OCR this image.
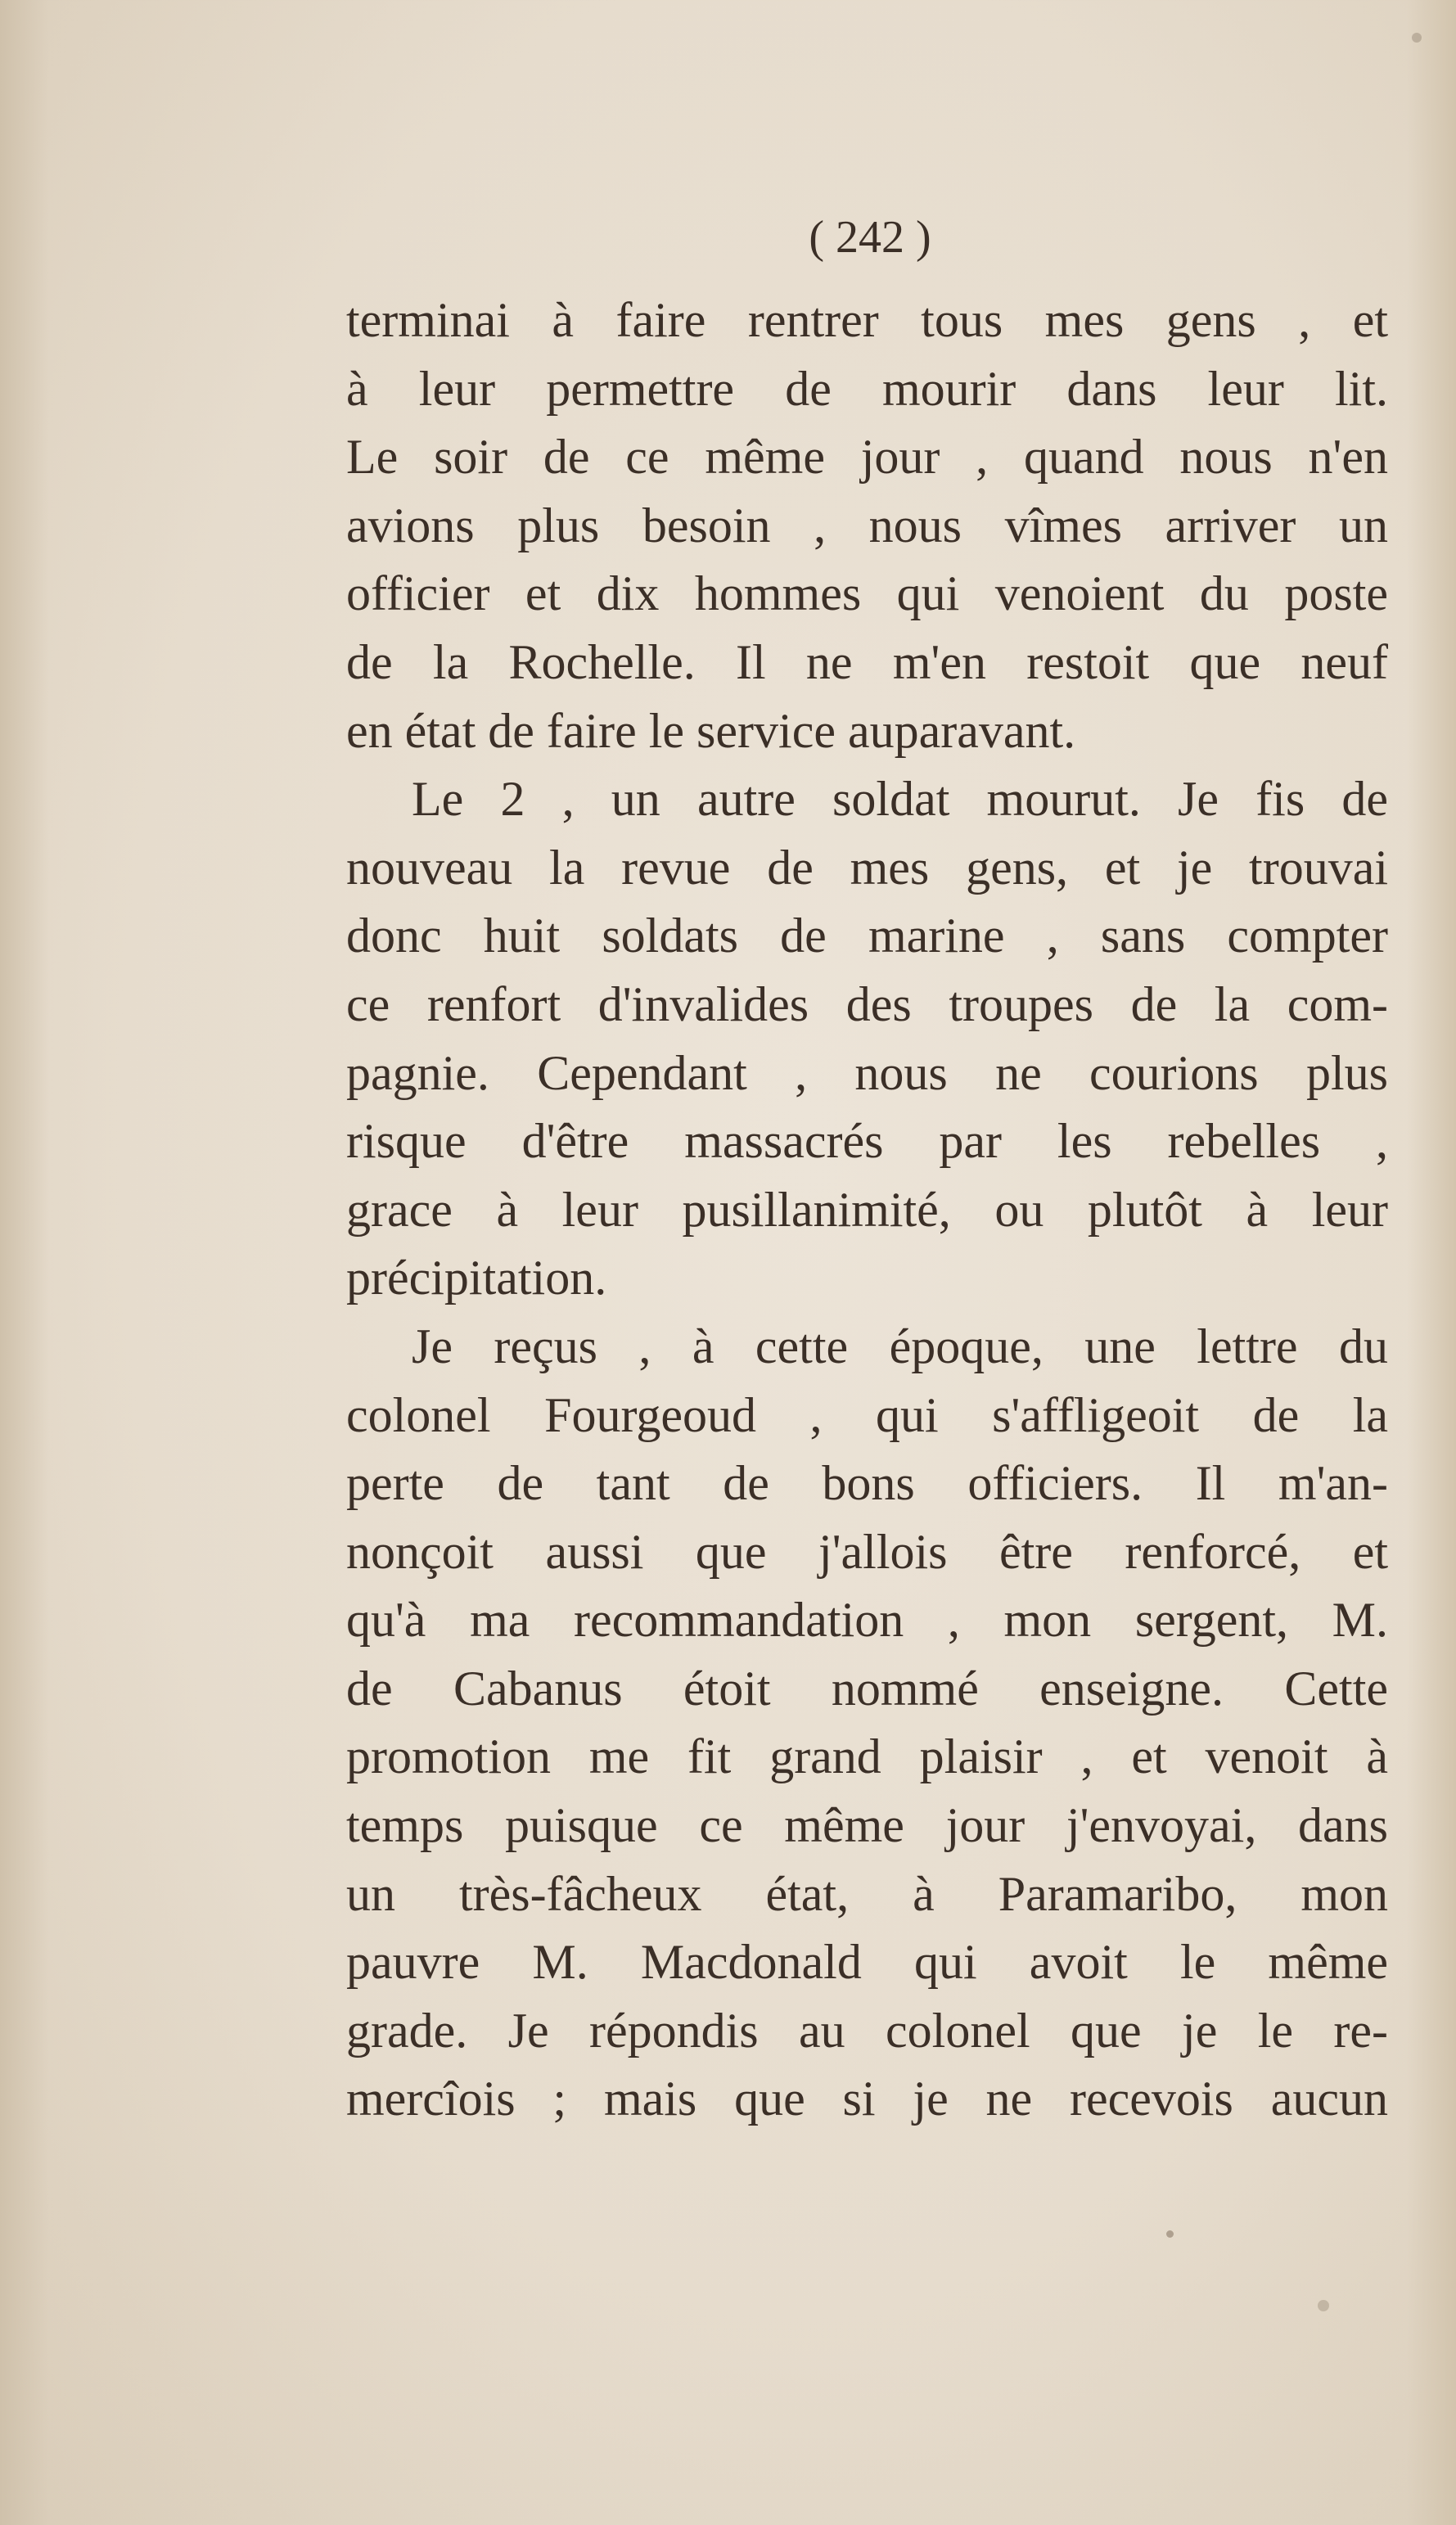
( 242 )
terminai à faire rentrer tous mes gens , et
à leur permettre de mourir dans leur lit.
Le soir de ce même jour , quand nous n'en
avions plus besoin , nous vîmes arriver un
officier et dix hommes qui venoient du poste
de la Rochelle. Il ne m'en restoit que neuf
en état de faire le service auparavant.
Le 2 , un autre soldat mourut. Je fis de
nouveau la revue de mes gens, et je trouvai
donc huit soldats de marine , sans compter
ce renfort d'invalides des troupes de la com-
pagnie. Cependant , nous ne courions plus
risque d'être massacrés par les rebelles ,
grace à leur pusillanimité, ou plutôt à leur
précipitation.
Je reçus , à cette époque, une lettre du
colonel Fourgeoud , qui s'affligeoit de la
perte de tant de bons officiers. Il m'an-
nonçoit aussi que j'allois être renforcé, et
qu'à ma recommandation , mon sergent, M.
de Cabanus étoit nommé enseigne. Cette
promotion me fit grand plaisir , et venoit à
temps puisque ce même jour j'envoyai, dans
un très-fâcheux état, à Paramaribo, mon
pauvre M. Macdonald qui avoit le même
grade. Je répondis au colonel que je le re-
mercîois ; mais que si je ne recevois aucun
